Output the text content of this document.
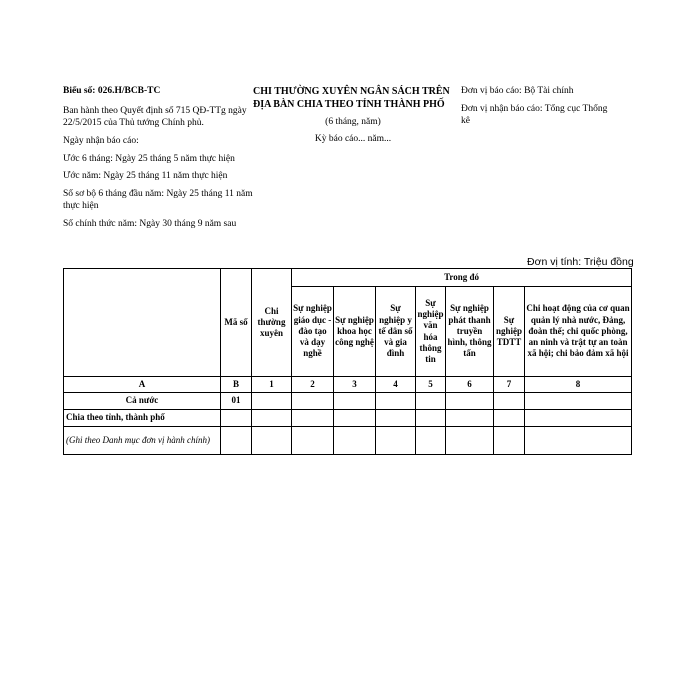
Biểu số: 026.H/BCB-TC
Ban hành theo Quyết định số 715 QĐ-TTg ngày 22/5/2015 của Thủ tướng Chính phủ.
Ngày nhận báo cáo:
Ước 6 tháng: Ngày 25 tháng 5 năm thực hiện
Ước năm: Ngày 25 tháng 11 năm thực hiện
Số sơ bộ 6 tháng đầu năm: Ngày 25 tháng 11 năm thực hiện
Số chính thức năm: Ngày 30 tháng 9 năm sau
CHI THƯỜNG XUYÊN NGÂN SÁCH TRÊN
ĐỊA BÀN CHIA THEO TỈNH THÀNH PHỐ
(6 tháng, năm)
Kỳ báo cáo... năm...
Đơn vị báo cáo: Bộ Tài chính
Đơn vị nhận báo cáo: Tổng cục Thống kê
Đơn vị tính: Triệu đồng
	Mã số	Chi thường xuyên	Trong đó						
			Sự nghiệp giáo dục - đào tạo và dạy nghề	Sự nghiệp khoa học công nghệ	Sự nghiệp y tế dân số và gia đình	Sự nghiệp văn hóa thông tin	Sự nghiệp phát thanh truyền hình, thông tấn	Sự nghiệp TDTT	Chi hoạt động của cơ quan quản lý nhà nước, Đảng, đoàn thể; chi quốc phòng, an ninh và trật tự an toàn xã hội; chi bảo đảm xã hội
A	B	1	2	3	4	5	6	7	8
Cả nước	01								
Chia theo tỉnh, thành phố									
(Ghi theo Danh mục đơn vị hành chính)									
